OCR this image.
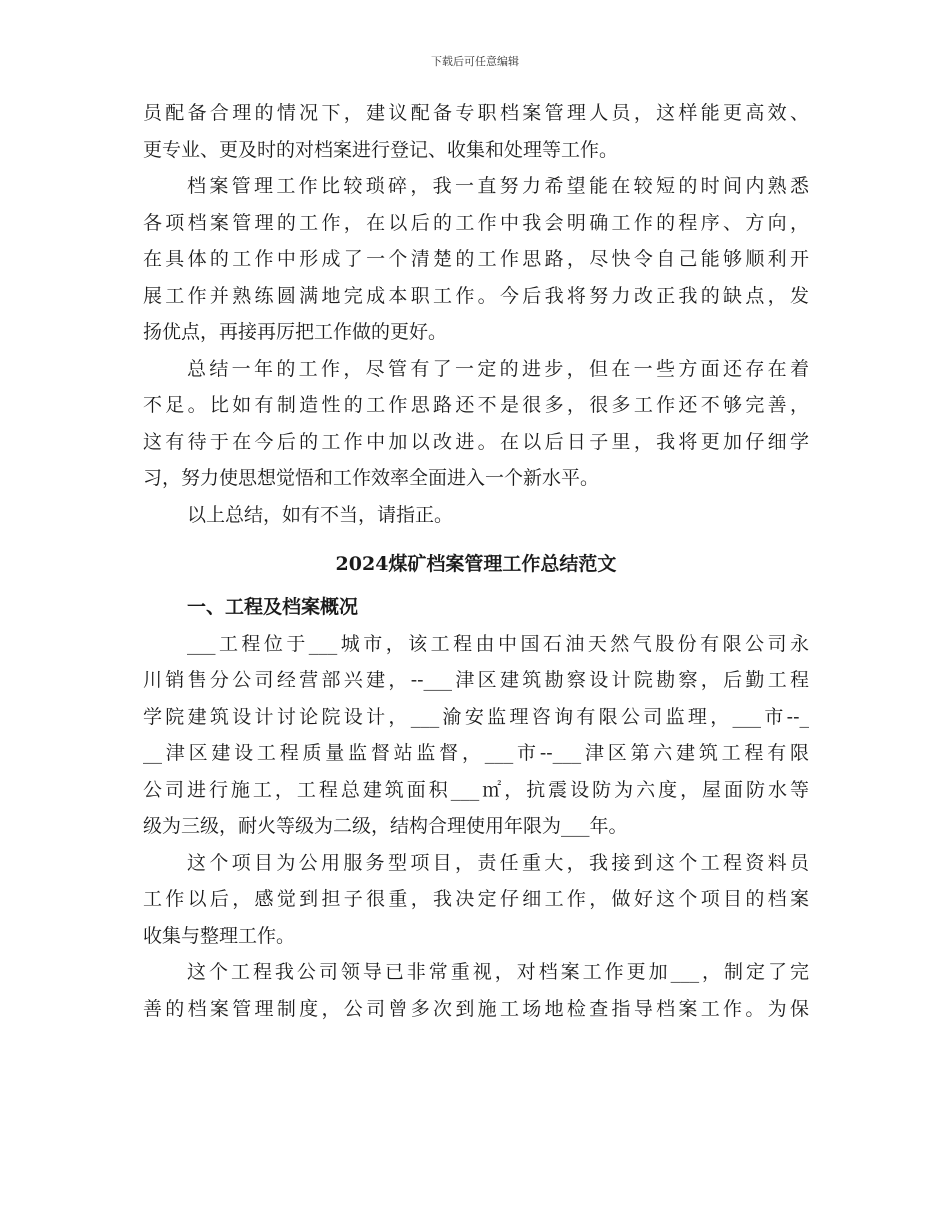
下载后可任意编辑
员配备合理的情况下，建议配备专职档案管理人员，这样能更高效、
更专业、更及时的对档案进行登记、收集和处理等工作。
档案管理工作比较琐碎，我一直努力希望能在较短的时间内熟悉
各项档案管理的工作，在以后的工作中我会明确工作的程序、方向，
在具体的工作中形成了一个清楚的工作思路，尽快令自己能够顺利开
展工作并熟练圆满地完成本职工作。今后我将努力改正我的缺点，发
扬优点，再接再厉把工作做的更好。
总结一年的工作，尽管有了一定的进步，但在一些方面还存在着
不足。比如有制造性的工作思路还不是很多，很多工作还不够完善，
这有待于在今后的工作中加以改进。在以后日子里，我将更加仔细学
习，努力使思想觉悟和工作效率全面进入一个新水平。
以上总结，如有不当，请指正。
2024煤矿档案管理工作总结范文
一、工程及档案概况
___工程位于___城市，该工程由中国石油天然气股份有限公司永
川销售分公司经营部兴建，--___津区建筑勘察设计院勘察，后勤工程
学院建筑设计讨论院设计，___渝安监理咨询有限公司监理，___市--_
__津区建设工程质量监督站监督，___市--___津区第六建筑工程有限
公司进行施工，工程总建筑面积___㎡，抗震设防为六度，屋面防水等
级为三级，耐火等级为二级，结构合理使用年限为___年。
这个项目为公用服务型项目，责任重大，我接到这个工程资料员
工作以后，感觉到担子很重，我决定仔细工作，做好这个项目的档案
收集与整理工作。
这个工程我公司领导已非常重视，对档案工作更加___，制定了完
善的档案管理制度，公司曾多次到施工场地检查指导档案工作。为保
